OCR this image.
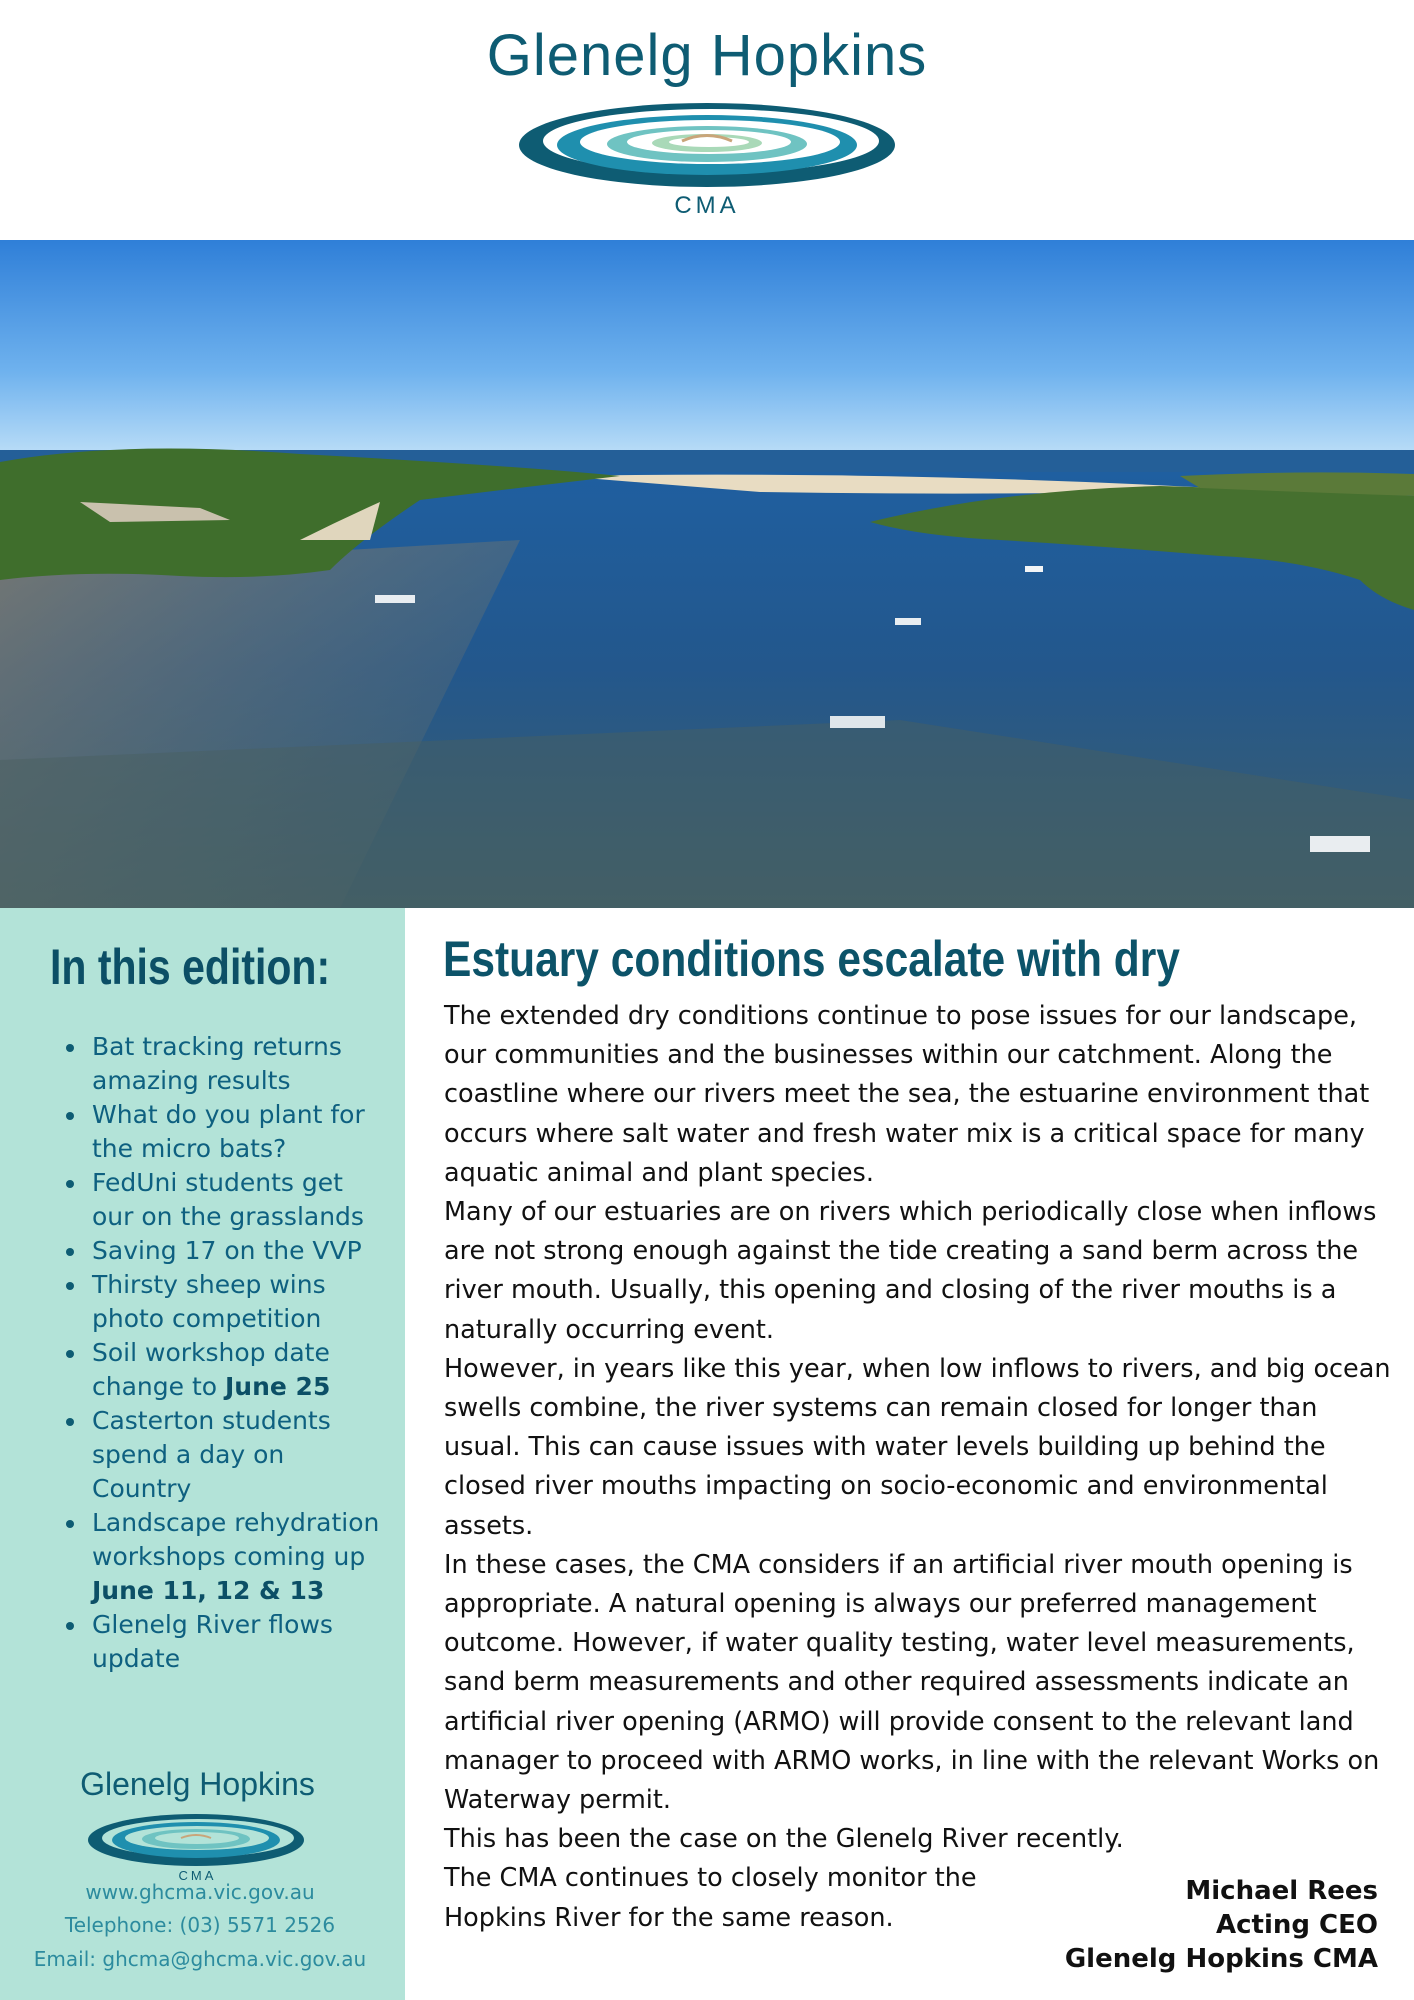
Glenelg Hopkins
CMA
In this edition:
Bat tracking returns amazing results
What do you plant for the micro bats?
FedUni students get our on the grasslands
Saving 17 on the VVP
Thirsty sheep wins photo competition
Soil workshop date change to June 25
Casterton students spend a day on Country
Landscape rehydration workshops coming up
June 11, 12 & 13
Glenelg River flows update
Glenelg Hopkins
CMA
www.ghcma.vic.gov.au
Telephone: (03) 5571 2526
Email: ghcma@ghcma.vic.gov.au
Estuary conditions escalate with dry

The extended dry conditions continue to pose issues for our landscape, our communities and the businesses within our catchment. Along the coastline where our rivers meet the sea, the estuarine environment that occurs where salt water and fresh water mix is a critical space for many aquatic animal and plant species.

Many of our estuaries are on rivers which periodically close when inflows are not strong enough against the tide creating a sand berm across the river mouth. Usually, this opening and closing of the river mouths is a naturally occurring event.

However, in years like this year, when low inflows to rivers, and big ocean swells combine, the river systems can remain closed for longer than usual. This can cause issues with water levels building up behind the closed river mouths impacting on socio-economic and environmental assets.

In these cases, the CMA considers if an artificial river mouth opening is appropriate. A natural opening is always our preferred management outcome. However, if water quality testing, water level measurements, sand berm measurements and other required assessments indicate an artificial river opening (ARMO) will provide consent to the relevant land manager to proceed with ARMO works, in line with the relevant Works on Waterway permit.

This has been the case on the Glenelg River recently.

The CMA continues to closely monitor the Hopkins River for the same reason.

Michael Rees
Acting CEO
Glenelg Hopkins CMA
